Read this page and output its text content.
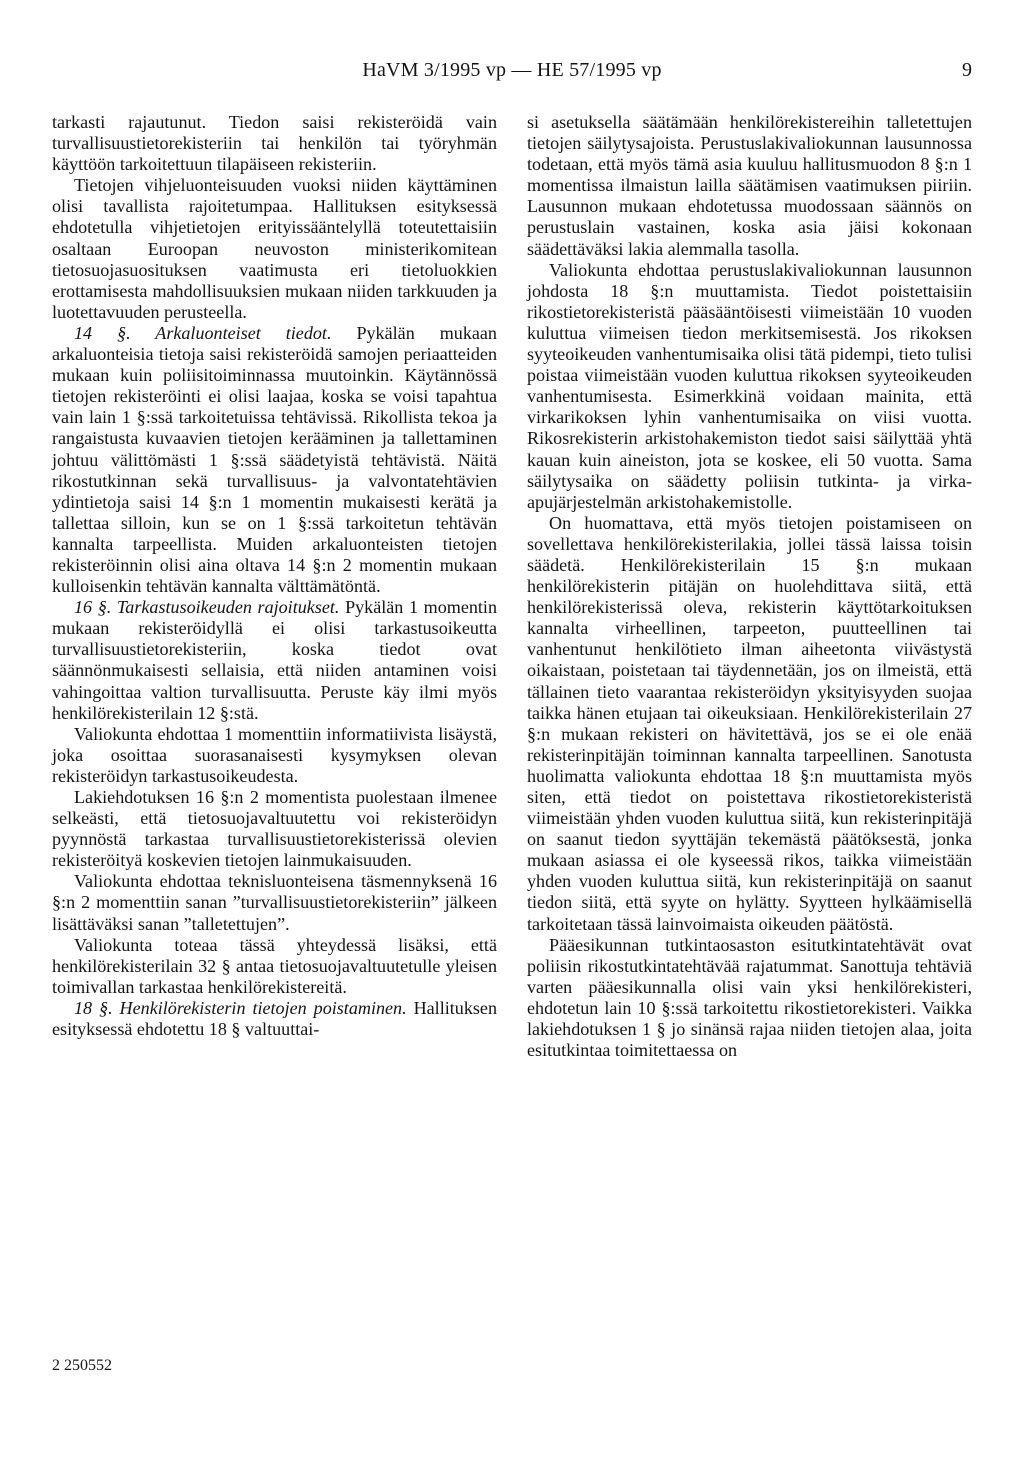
HaVM 3/1995 vp — HE 57/1995 vp	9

tarkasti rajautunut. Tiedon saisi rekisteröidä vain turvallisuustietorekisteriin tai henkilön tai työryhmän käyttöön tarkoitettuun tilapäiseen rekisteriin.

Tietojen vihjeluonteisuuden vuoksi niiden käyttäminen olisi tavallista rajoitetumpaa. Hallituksen esityksessä ehdotetulla vihjetietojen erityissääntelyllä toteutettaisiin osaltaan Euroopan neuvoston ministerikomitean tietosuojasuosituksen vaatimusta eri tietoluokkien erottamisesta mahdollisuuksien mukaan niiden tarkkuuden ja luotettavuuden perusteella.

14 §. Arkaluonteiset tiedot. Pykälän mukaan arkaluonteisia tietoja saisi rekisteröidä samojen periaatteiden mukaan kuin poliisitoiminnassa muutoinkin. Käytännössä tietojen rekisteröinti ei olisi laajaa, koska se voisi tapahtua vain lain 1 §:ssä tarkoitetuissa tehtävissä. Rikollista tekoa ja rangaistusta kuvaavien tietojen kerääminen ja tallettaminen johtuu välittömästi 1 §:ssä säädetyistä tehtävistä. Näitä rikostutkinnan sekä turvallisuus- ja valvontatehtävien ydintietoja saisi 14 §:n 1 momentin mukaisesti kerätä ja tallettaa silloin, kun se on 1 §:ssä tarkoitetun tehtävän kannalta tarpeellista. Muiden arkaluonteisten tietojen rekisteröinnin olisi aina oltava 14 §:n 2 momentin mukaan kulloisenkin tehtävän kannalta välttämätöntä.

16 §. Tarkastusoikeuden rajoitukset. Pykälän 1 momentin mukaan rekisteröidyllä ei olisi tarkastusoikeutta turvallisuustietorekisteriin, koska tiedot ovat säännönmukaisesti sellaisia, että niiden antaminen voisi vahingoittaa valtion turvallisuutta. Peruste käy ilmi myös henkilörekisterilain 12 §:stä.

Valiokunta ehdottaa 1 momenttiin informatiivista lisäystä, joka osoittaa suorasanaisesti kysymyksen olevan rekisteröidyn tarkastusoikeudesta.

Lakiehdotuksen 16 §:n 2 momentista puolestaan ilmenee selkeästi, että tietosuojavaltuutettu voi rekisteröidyn pyynnöstä tarkastaa turvallisuustietorekisterissä olevien rekisteröityä koskevien tietojen lainmukaisuuden.

Valiokunta ehdottaa teknisluonteisena täsmennyksenä 16 §:n 2 momenttiin sanan ”turvallisuustietorekisteriin” jälkeen lisättäväksi sanan ”talletettujen”.

Valiokunta toteaa tässä yhteydessä lisäksi, että henkilörekisterilain 32 § antaa tietosuojavaltuutetulle yleisen toimivallan tarkastaa henkilörekistereitä.

18 §. Henkilörekisterin tietojen poistaminen. Hallituksen esityksessä ehdotettu 18 § valtuuttai-

si asetuksella säätämään henkilörekistereihin talletettujen tietojen säilytysajoista. Perustuslakivaliokunnan lausunnossa todetaan, että myös tämä asia kuuluu hallitusmuodon 8 §:n 1 momentissa ilmaistun lailla säätämisen vaatimuksen piiriin. Lausunnon mukaan ehdotetussa muodossaan säännös on perustuslain vastainen, koska asia jäisi kokonaan säädettäväksi lakia alemmalla tasolla.

Valiokunta ehdottaa perustuslakivaliokunnan lausunnon johdosta 18 §:n muuttamista. Tiedot poistettaisiin rikostietorekisteristä pääsääntöisesti viimeistään 10 vuoden kuluttua viimeisen tiedon merkitsemisestä. Jos rikoksen syyteoikeuden vanhentumisaika olisi tätä pidempi, tieto tulisi poistaa viimeistään vuoden kuluttua rikoksen syyteoikeuden vanhentumisesta. Esimerkkinä voidaan mainita, että virkarikoksen lyhin vanhentumisaika on viisi vuotta. Rikosrekisterin arkistohakemiston tiedot saisi säilyttää yhtä kauan kuin aineiston, jota se koskee, eli 50 vuotta. Sama säilytysaika on säädetty poliisin tutkinta- ja virka-apujärjestelmän arkistohakemistolle.

On huomattava, että myös tietojen poistamiseen on sovellettava henkilörekisterilakia, jollei tässä laissa toisin säädetä. Henkilörekisterilain 15 §:n mukaan henkilörekisterin pitäjän on huolehdittava siitä, että henkilörekisterissä oleva, rekisterin käyttötarkoituksen kannalta virheellinen, tarpeeton, puutteellinen tai vanhentunut henkilötieto ilman aiheetonta viivästystä oikaistaan, poistetaan tai täydennetään, jos on ilmeistä, että tällainen tieto vaarantaa rekisteröidyn yksityisyyden suojaa taikka hänen etujaan tai oikeuksiaan. Henkilörekisterilain 27 §:n mukaan rekisteri on hävitettävä, jos se ei ole enää rekisterinpitäjän toiminnan kannalta tarpeellinen. Sanotusta huolimatta valiokunta ehdottaa 18 §:n muuttamista myös siten, että tiedot on poistettava rikostietorekisteristä viimeistään yhden vuoden kuluttua siitä, kun rekisterinpitäjä on saanut tiedon syyttäjän tekemästä päätöksestä, jonka mukaan asiassa ei ole kyseessä rikos, taikka viimeistään yhden vuoden kuluttua siitä, kun rekisterinpitäjä on saanut tiedon siitä, että syyte on hylätty. Syytteen hylkäämisellä tarkoitetaan tässä lainvoimaista oikeuden päätöstä.

Pääesikunnan tutkintaosaston esitutkintatehtävät ovat poliisin rikostutkintatehtävää rajatummat. Sanottuja tehtäviä varten pääesikunnalla olisi vain yksi henkilörekisteri, ehdotetun lain 10 §:ssä tarkoitettu rikostietorekisteri. Vaikka lakiehdotuksen 1 § jo sinänsä rajaa niiden tietojen alaa, joita esitutkintaa toimitettaessa on

2 250552
